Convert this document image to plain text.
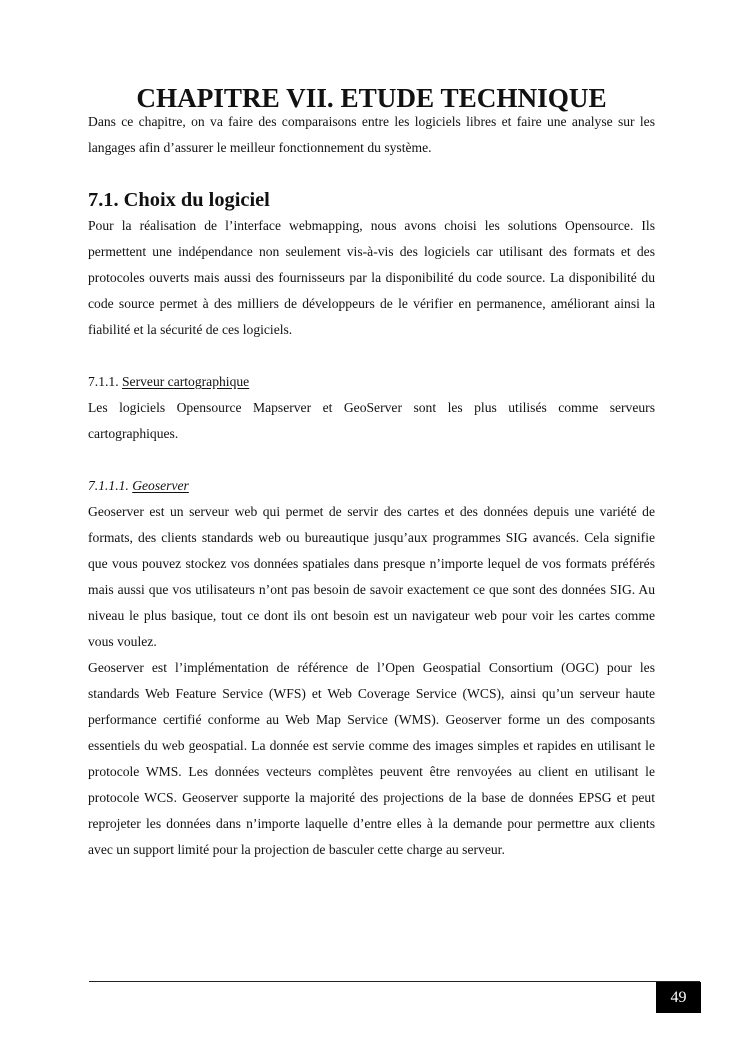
CHAPITRE VII. ETUDE TECHNIQUE

Dans ce chapitre, on va faire des comparaisons entre les logiciels libres et faire une analyse sur les langages afin d’assurer le meilleur fonctionnement du système.

7.1. Choix du logiciel

Pour la réalisation de l’interface webmapping, nous avons choisi les solutions Opensource. Ils permettent une indépendance non seulement vis-à-vis des logiciels car utilisant des formats et des protocoles ouverts mais aussi des fournisseurs par la disponibilité du code source. La disponibilité du code source permet à des milliers de développeurs de le vérifier en permanence, améliorant ainsi la fiabilité et la sécurité de ces logiciels.

7.1.1. Serveur cartographique

Les logiciels Opensource Mapserver et GeoServer sont les plus utilisés comme serveurs cartographiques.

7.1.1.1. Geoserver

Geoserver est un serveur web qui permet de servir des cartes et des données depuis une variété de formats, des clients standards web ou bureautique jusqu’aux programmes SIG avancés. Cela signifie que vous pouvez stockez vos données spatiales dans presque n’importe lequel de vos formats préférés mais aussi que vos utilisateurs n’ont pas besoin de savoir exactement ce que sont des données SIG. Au niveau le plus basique, tout ce dont ils ont besoin est un navigateur web pour voir les cartes comme vous voulez.

Geoserver est l’implémentation de référence de l’Open Geospatial Consortium (OGC) pour les standards Web Feature Service (WFS) et Web Coverage Service (WCS), ainsi qu’un serveur haute performance certifié conforme au Web Map Service (WMS). Geoserver forme un des composants essentiels du web geospatial. La donnée est servie comme des images simples et rapides en utilisant le protocole WMS. Les données vecteurs complètes peuvent être renvoyées au client en utilisant le protocole WCS. Geoserver supporte la majorité des projections de la base de données EPSG et peut reprojeter les données dans n’importe laquelle d’entre elles à la demande pour permettre aux clients avec un support limité pour la projection de basculer cette charge au serveur.

49
